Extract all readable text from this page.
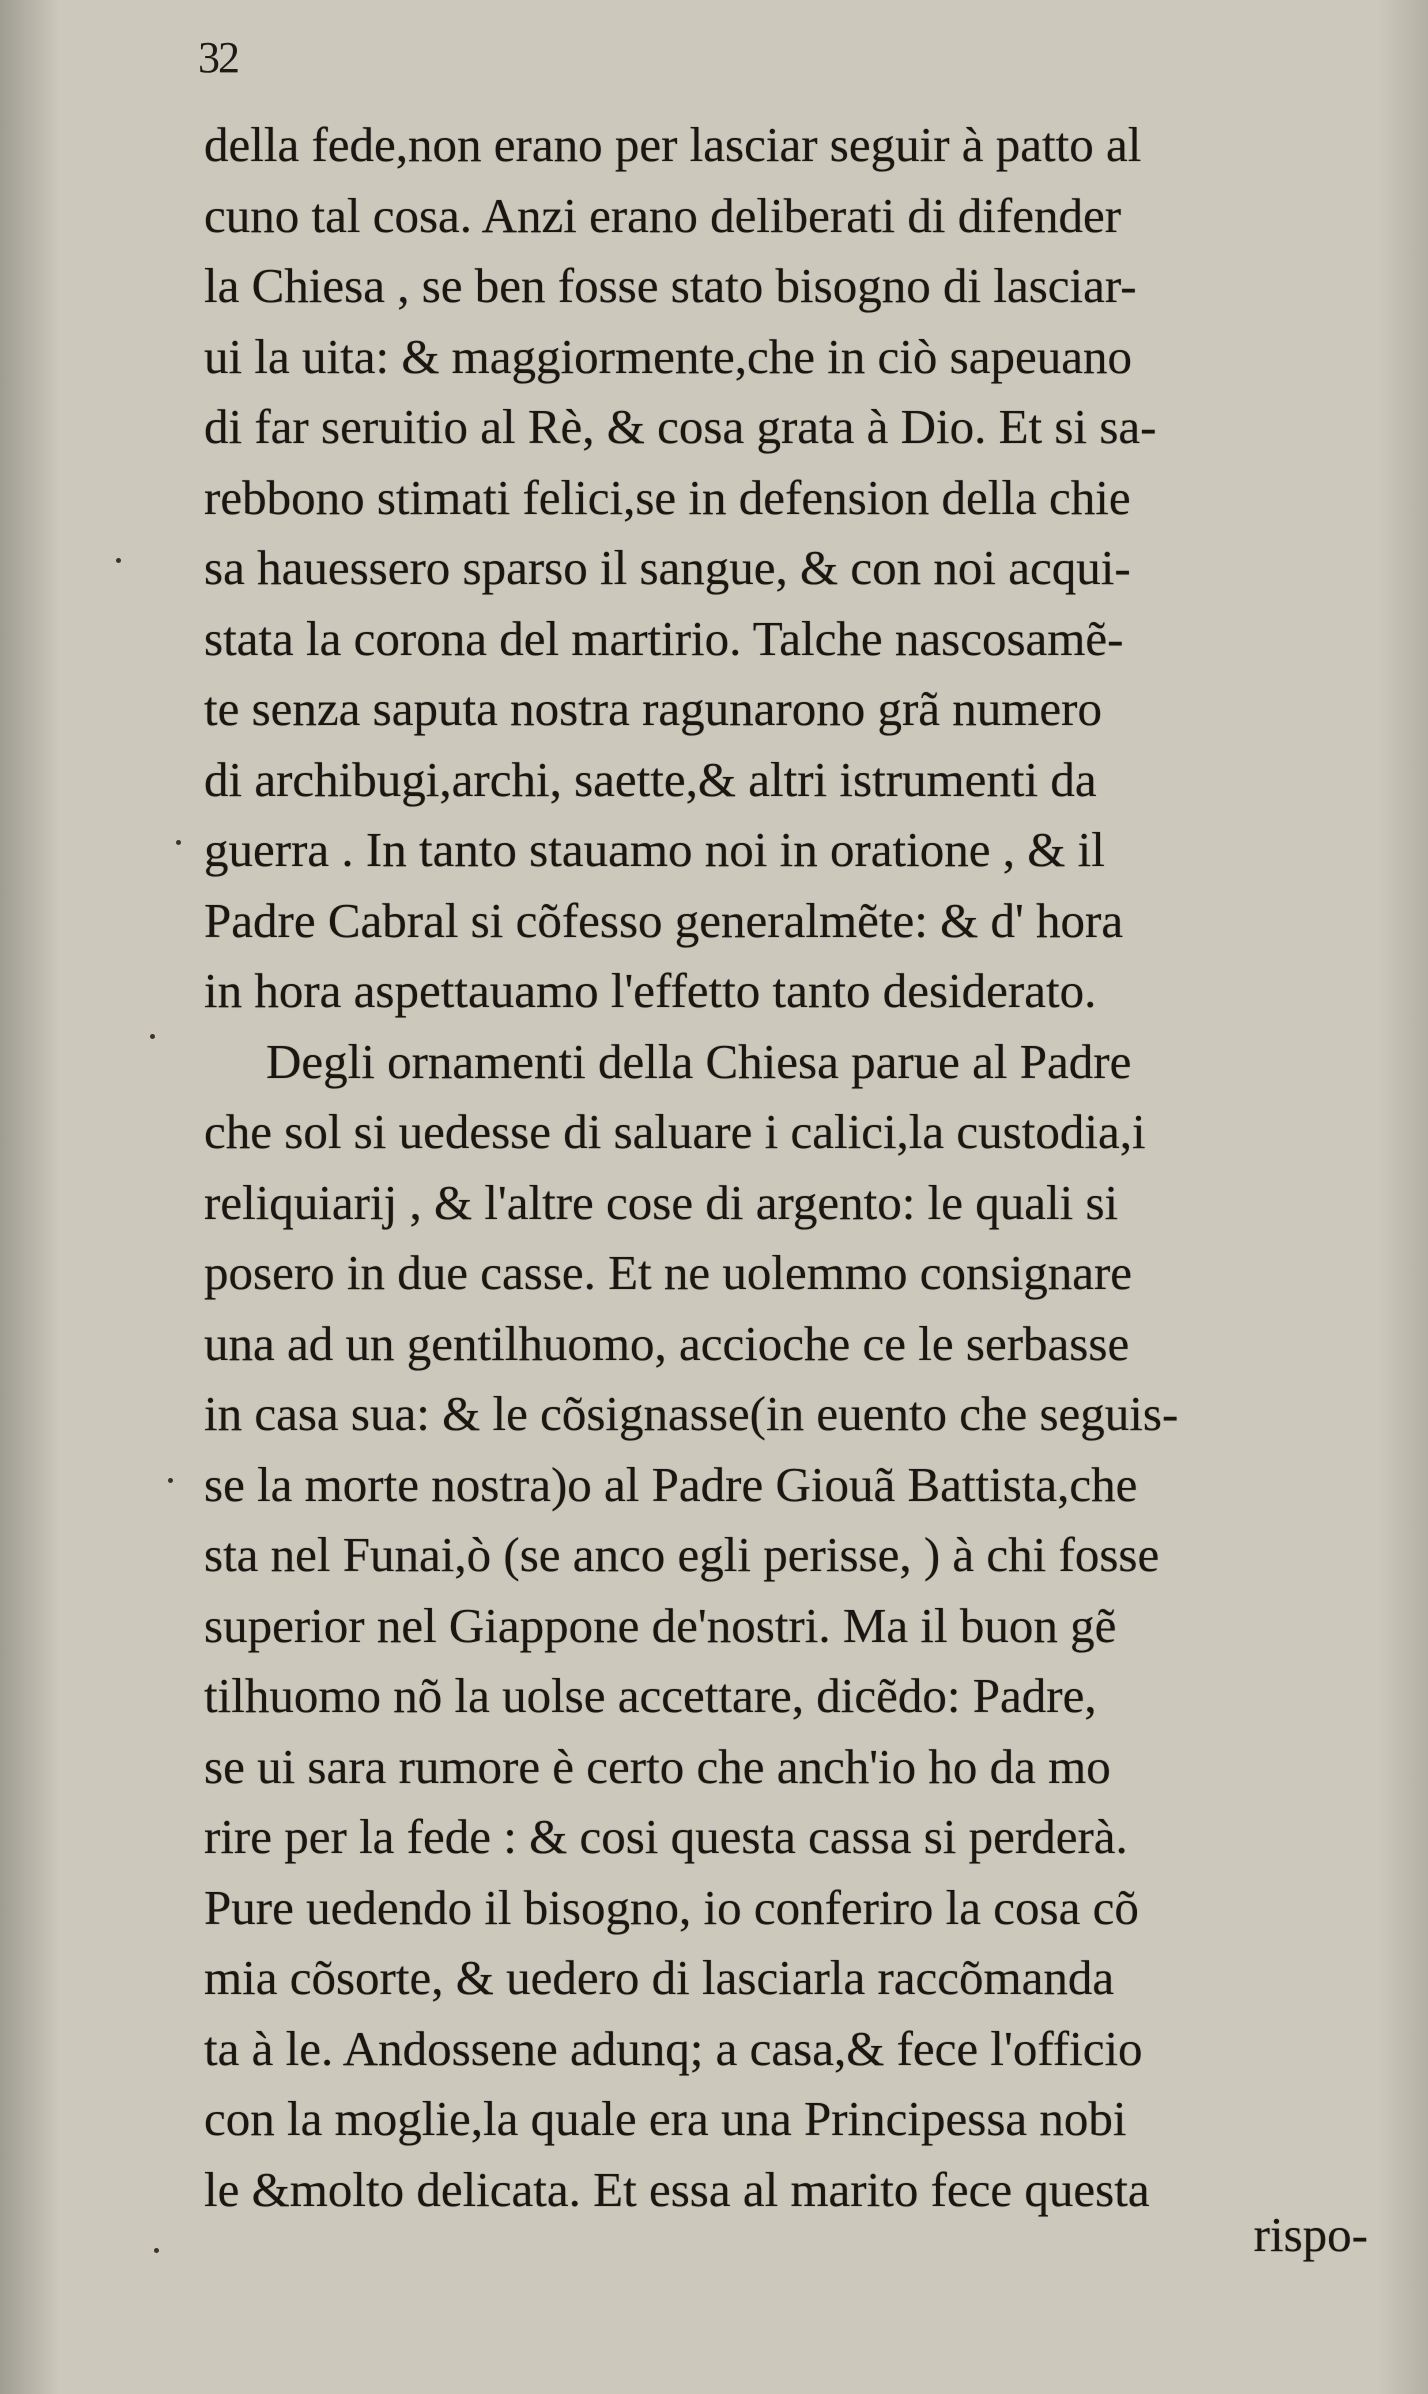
32
della fede,non erano per lasciar seguir à patto al
cuno tal cosa. Anzi erano deliberati di difender
la Chiesa , se ben fosse stato bisogno di lasciar-
ui la uita: & maggiormente,che in ciò sapeuano
di far seruitio al Rè, & cosa grata à Dio. Et si sa-
rebbono stimati felici,se in defension della chie
sa hauessero sparso il sangue, & con noi acqui-
stata la corona del martirio. Talche nascosamẽ-
te senza saputa nostra ragunarono grã numero
di archibugi,archi, saette,& altri istrumenti da
guerra . In tanto stauamo noi in oratione , & il
Padre Cabral si cõfesso generalmẽte: & d' hora
in hora aspettauamo l'effetto tanto desiderato.
Degli ornamenti della Chiesa parue al Padre
che sol si uedesse di saluare i calici,la custodia,i
reliquiarij , & l'altre cose di argento: le quali si
posero in due casse. Et ne uolemmo consignare
una ad un gentilhuomo, accioche ce le serbasse
in casa sua: & le cõsignasse(in euento che seguis-
se la morte nostra)o al Padre Giouã Battista,che
sta nel Funai,ò (se anco egli perisse, ) à chi fosse
superior nel Giappone de'nostri. Ma il buon gẽ
tilhuomo nõ la uolse accettare, dicẽdo: Padre,
se ui sara rumore è certo che anch'io ho da mo
rire per la fede : & cosi questa cassa si perderà.
Pure uedendo il bisogno, io conferiro la cosa cõ
mia cõsorte, & uedero di lasciarla raccõmanda
ta à le. Andossene adunq; a casa,& fece l'officio
con la moglie,la quale era una Principessa nobi
le &molto delicata. Et essa al marito fece questa
rispo-
